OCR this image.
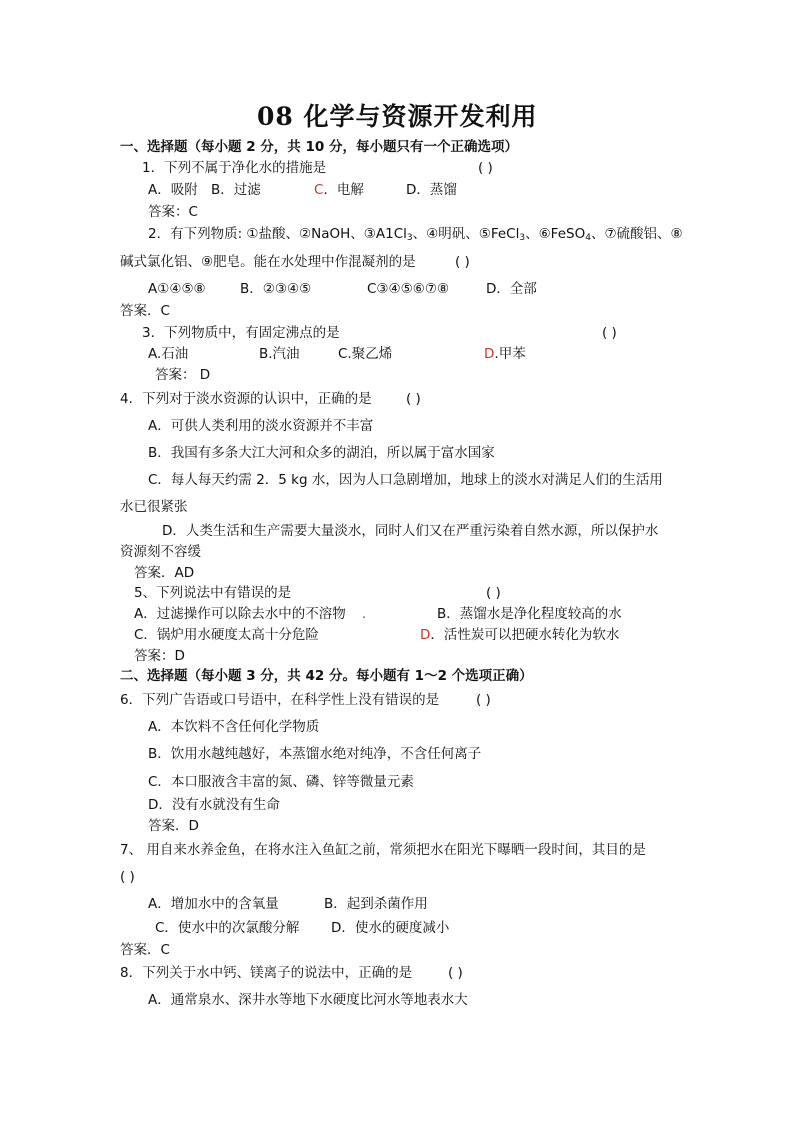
08 化学与资源开发利用
一、选择题（每小题 2 分，共 10 分，每小题只有一个正确选项）
1．下列不属于净化水的措施是	( )
A．吸附 B．过滤	C．电解	D．蒸馏
答案：C
2．有下列物质: ①盐酸、②NaOH、$③A1Cl_3$、④明矾、⑤FeCl$_3$、⑥FeSO$_4$、⑦硫酸铝、⑧
碱式氯化铝、⑨肥皂。能在水处理中作混凝剂的是	( )
A①④⑤⑧	B．②③④⑤	C③④⑤⑥⑦⑧	D．全部
答案．C
3．下列物质中，有固定沸点的是	( )
A.石油	B.汽油	C.聚乙烯	D.甲苯
答案： D
4．下列对于淡水资源的认识中，正确的是	( )
A．可供人类利用的淡水资源并不丰富
B．我国有多条大江大河和众多的湖泊，所以属于富水国家
C．每人每天约需 2．5 kg 水，因为人口急剧增加，地球上的淡水对满足人们的生活用
水已很紧张
D．人类生活和生产需要大量淡水，同时人们又在严重污染着自然水源，所以保护水
资源刻不容缓
答案．AD
5、下列说法中有错误的是	( )
A．过滤操作可以除去水中的不溶物 .	B．蒸馏水是净化程度较高的水
C．锅炉用水硬度太高十分危险	D．活性炭可以把硬水转化为软水
答案：D
二、选择题（每小题 3 分，共 42 分。每小题有 1～2 个选项正确）
6．下列广告语或口号语中，在科学性上没有错误的是	( )
A．本饮料不含任何化学物质
B．饮用水越纯越好，本蒸馏水绝对纯净，不含任何离子
C．本口服液含丰富的氮、磷、锌等微量元素
D．没有水就没有生命
答案．D
7、 用自来水养金鱼，在将水注入鱼缸之前，常须把水在阳光下曝晒一段时间，其目的是
( )
A．增加水中的含氧量	B．起到杀菌作用
C．使水中的次氯酸分解 D．使水的硬度减小
答案．C
8．下列关于水中钙、镁离子的说法中，正确的是	( )
A．通常泉水、深井水等地下水硬度比河水等地表水大
